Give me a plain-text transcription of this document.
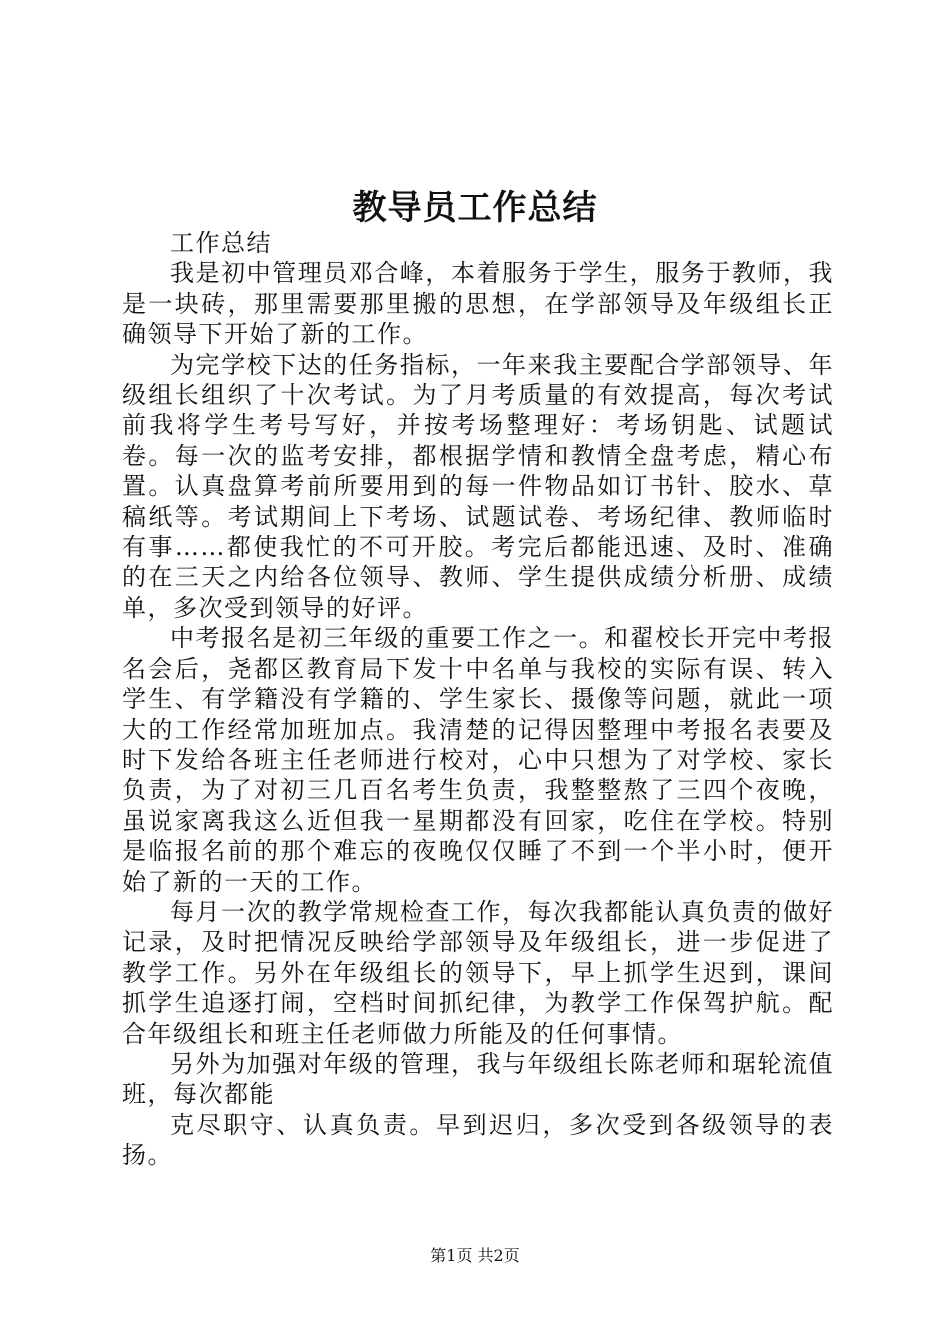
教导员工作总结

工作总结

我是初中管理员邓合峰，本着服务于学生，服务于教师，我是一块砖，那里需要那里搬的思想，在学部领导及年级组长正确领导下开始了新的工作。

为完学校下达的任务指标，一年来我主要配合学部领导、年级组长组织了十次考试。为了月考质量的有效提高，每次考试前我将学生考号写好，并按考场整理好：考场钥匙、试题试卷。每一次的监考安排，都根据学情和教情全盘考虑，精心布置。认真盘算考前所要用到的每一件物品如订书针、胶水、草稿纸等。考试期间上下考场、试题试卷、考场纪律、教师临时有事……都使我忙的不可开胶。考完后都能迅速、及时、准确的在三天之内给各位领导、教师、学生提供成绩分析册、成绩单，多次受到领导的好评。

中考报名是初三年级的重要工作之一。和翟校长开完中考报名会后，尧都区教育局下发十中名单与我校的实际有误、转入学生、有学籍没有学籍的、学生家长、摄像等问题，就此一项大的工作经常加班加点。我清楚的记得因整理中考报名表要及时下发给各班主任老师进行校对，心中只想为了对学校、家长负责，为了对初三几百名考生负责，我整整熬了三四个夜晚，虽说家离我这么近但我一星期都没有回家，吃住在学校。特别是临报名前的那个难忘的夜晚仅仅睡了不到一个半小时，便开始了新的一天的工作。

每月一次的教学常规检查工作，每次我都能认真负责的做好记录，及时把情况反映给学部领导及年级组长，进一步促进了教学工作。另外在年级组长的领导下，早上抓学生迟到，课间抓学生追逐打闹，空档时间抓纪律，为教学工作保驾护航。配合年级组长和班主任老师做力所能及的任何事情。

另外为加强对年级的管理，我与年级组长陈老师和琚轮流值班，每次都能

克尽职守、认真负责。早到迟归，多次受到各级领导的表扬。

第1页 共2页
